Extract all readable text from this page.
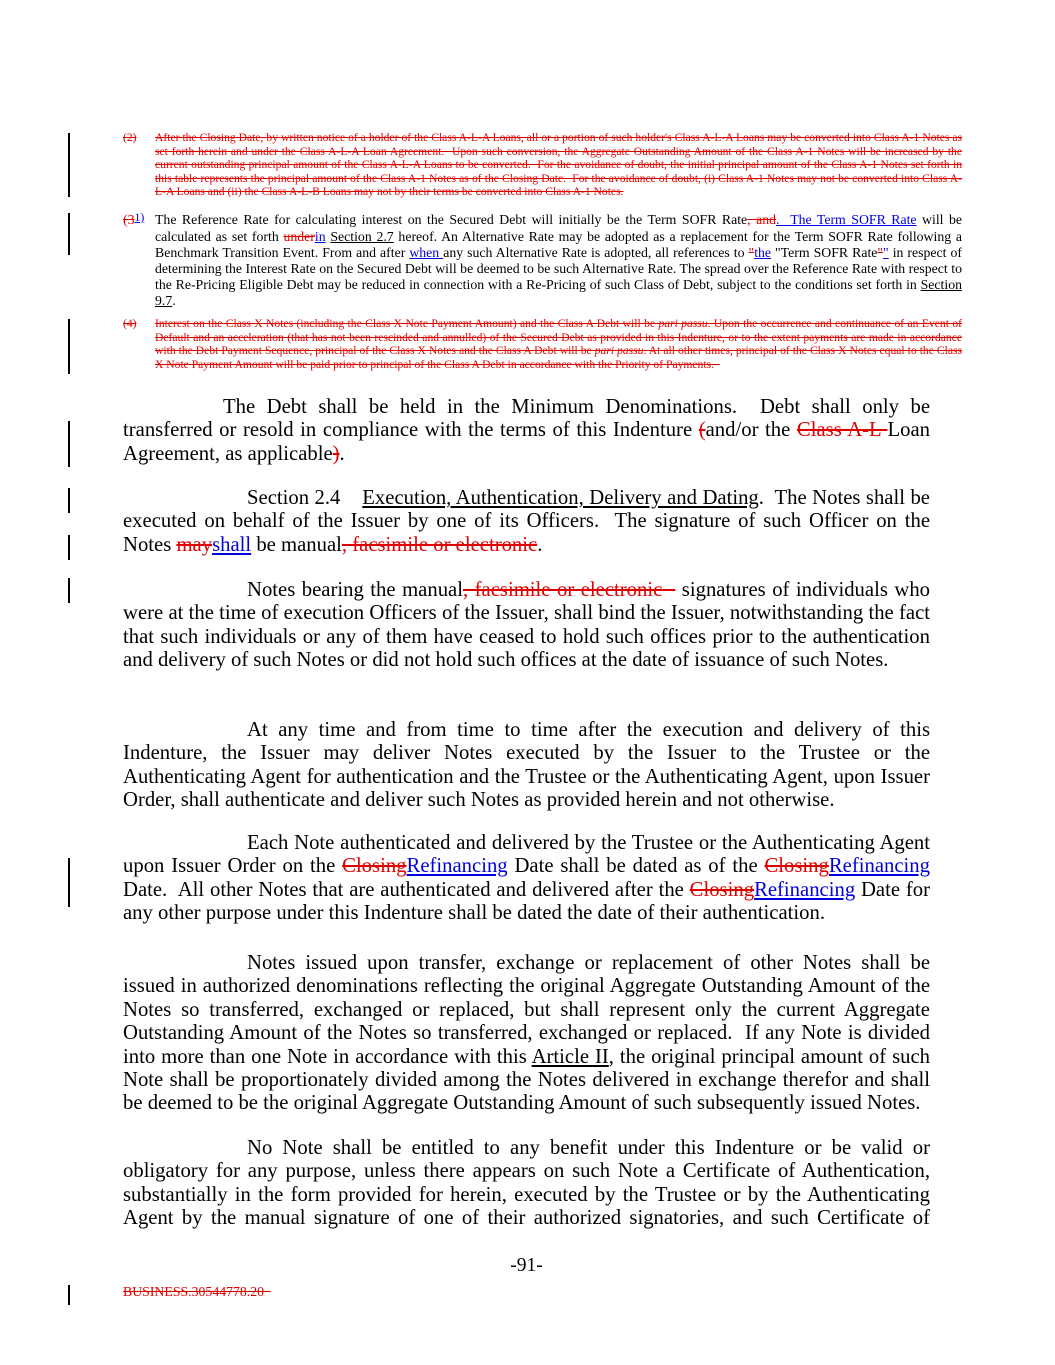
(2) After the Closing Date, by written notice of a holder of the Class A-L-A Loans, all or a portion of such holder's Class A-L-A Loans may be converted into Class A-1 Notes as set forth herein and under the Class A-L-A Loan Agreement.  Upon such conversion, the Aggregate Outstanding Amount of the Class A-1 Notes will be increased by the current outstanding principal amount of the Class A-L-A Loans to be converted.  For the avoidance of doubt, the initial principal amount of the Class A-1 Notes set forth in this table represents the principal amount of the Class A-1 Notes as of the Closing Date.  For the avoidance of doubt, (i) Class A-1 Notes may not be converted into Class A-L-A Loans and (ii) the Class A-L-B Loans may not by their terms be converted into Class A-1 Notes.

(3$^{1)}$ The Reference Rate for calculating interest on the Secured Debt will initially be the Term SOFR Rate, and.  The Term SOFR Rate will be calculated as set forth underin Section 2.7 hereof. An Alternative Rate may be adopted as a replacement for the Term SOFR Rate following a Benchmark Transition Event. From and after when any such Alternative Rate is adopted, all references to "the "Term SOFR Rate"" in respect of determining the Interest Rate on the Secured Debt will be deemed to be such Alternative Rate. The spread over the Reference Rate with respect to the Re-Pricing Eligible Debt may be reduced in connection with a Re-Pricing of such Class of Debt, subject to the conditions set forth in Section 9.7.

(4) Interest on the Class X Notes (including the Class X Note Payment Amount) and the Class A Debt will be pari passu. Upon the occurrence and continuance of an Event of Default and an acceleration (that has not been rescinded and annulled) of the Secured Debt as provided in this Indenture, or to the extent payments are made in accordance with the Debt Payment Sequence, principal of the Class X Notes and the Class A Debt will be pari passu. At all other times, principal of the Class X Notes equal to the Class X Note Payment Amount will be paid prior to principal of the Class A Debt in accordance with the Priority of Payments.

The Debt shall be held in the Minimum Denominations.  Debt shall only be transferred or resold in compliance with the terms of this Indenture (and/or the Class A-L Loan Agreement, as applicable).

Section 2.4 Execution, Authentication, Delivery and Dating.  The Notes shall be executed on behalf of the Issuer by one of its Officers.  The signature of such Officer on the Notes mayshall be manual, facsimile or electronic.

Notes bearing the manual, facsimile or electronic signatures of individuals who were at the time of execution Officers of the Issuer, shall bind the Issuer, notwithstanding the fact that such individuals or any of them have ceased to hold such offices prior to the authentication and delivery of such Notes or did not hold such offices at the date of issuance of such Notes.

At any time and from time to time after the execution and delivery of this Indenture, the Issuer may deliver Notes executed by the Issuer to the Trustee or the Authenticating Agent for authentication and the Trustee or the Authenticating Agent, upon Issuer Order, shall authenticate and deliver such Notes as provided herein and not otherwise.

Each Note authenticated and delivered by the Trustee or the Authenticating Agent upon Issuer Order on the ClosingRefinancing Date shall be dated as of the ClosingRefinancing Date.  All other Notes that are authenticated and delivered after the ClosingRefinancing Date for any other purpose under this Indenture shall be dated the date of their authentication.

Notes issued upon transfer, exchange or replacement of other Notes shall be issued in authorized denominations reflecting the original Aggregate Outstanding Amount of the Notes so transferred, exchanged or replaced, but shall represent only the current Aggregate Outstanding Amount of the Notes so transferred, exchanged or replaced.  If any Note is divided into more than one Note in accordance with this Article II, the original principal amount of such Note shall be proportionately divided among the Notes delivered in exchange therefor and shall be deemed to be the original Aggregate Outstanding Amount of such subsequently issued Notes.

No Note shall be entitled to any benefit under this Indenture or be valid or obligatory for any purpose, unless there appears on such Note a Certificate of Authentication, substantially in the form provided for herein, executed by the Trustee or by the Authenticating Agent by the manual signature of one of their authorized signatories, and such Certificate of

-91-

BUSINESS.30544778.20
